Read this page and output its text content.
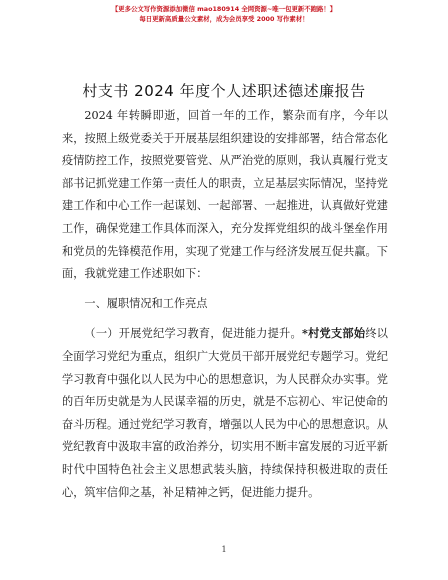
【更多公文写作资源添加微信 mao180914 全网资源~唯一包更新不跑路！】
每日更新高质量公文素材，成为会员享受 2000 写作素材！
村支书 2024 年度个人述职述德述廉报告

2024 年转瞬即逝，回首一年的工作，繁杂而有序，今年以来，按照上级党委关于开展基层组织建设的安排部署，结合常态化疫情防控工作，按照党要管党、从严治党的原则，我认真履行党支部书记抓党建工作第一责任人的职责，立足基层实际情况，坚持党建工作和中心工作一起谋划、一起部署、一起推进，认真做好党建工作，确保党建工作具体而深入，充分发挥党组织的战斗堡垒作用和党员的先锋模范作用，实现了党建工作与经济发展互促共赢。下面，我就党建工作述职如下：

一、履职情况和工作亮点

（一）开展党纪学习教育，促进能力提升。*村党支部始终以全面学习党纪为重点，组织广大党员干部开展党纪专题学习。党纪学习教育中强化以人民为中心的思想意识，为人民群众办实事。党的百年历史就是为人民谋幸福的历史，就是不忘初心、牢记使命的奋斗历程。通过党纪学习教育，增强以人民为中心的思想意识。从党纪教育中汲取丰富的政治养分，切实用不断丰富发展的习近平新时代中国特色社会主义思想武装头脑，持续保持积极进取的责任心，筑牢信仰之基，补足精神之钙，促进能力提升。

1
